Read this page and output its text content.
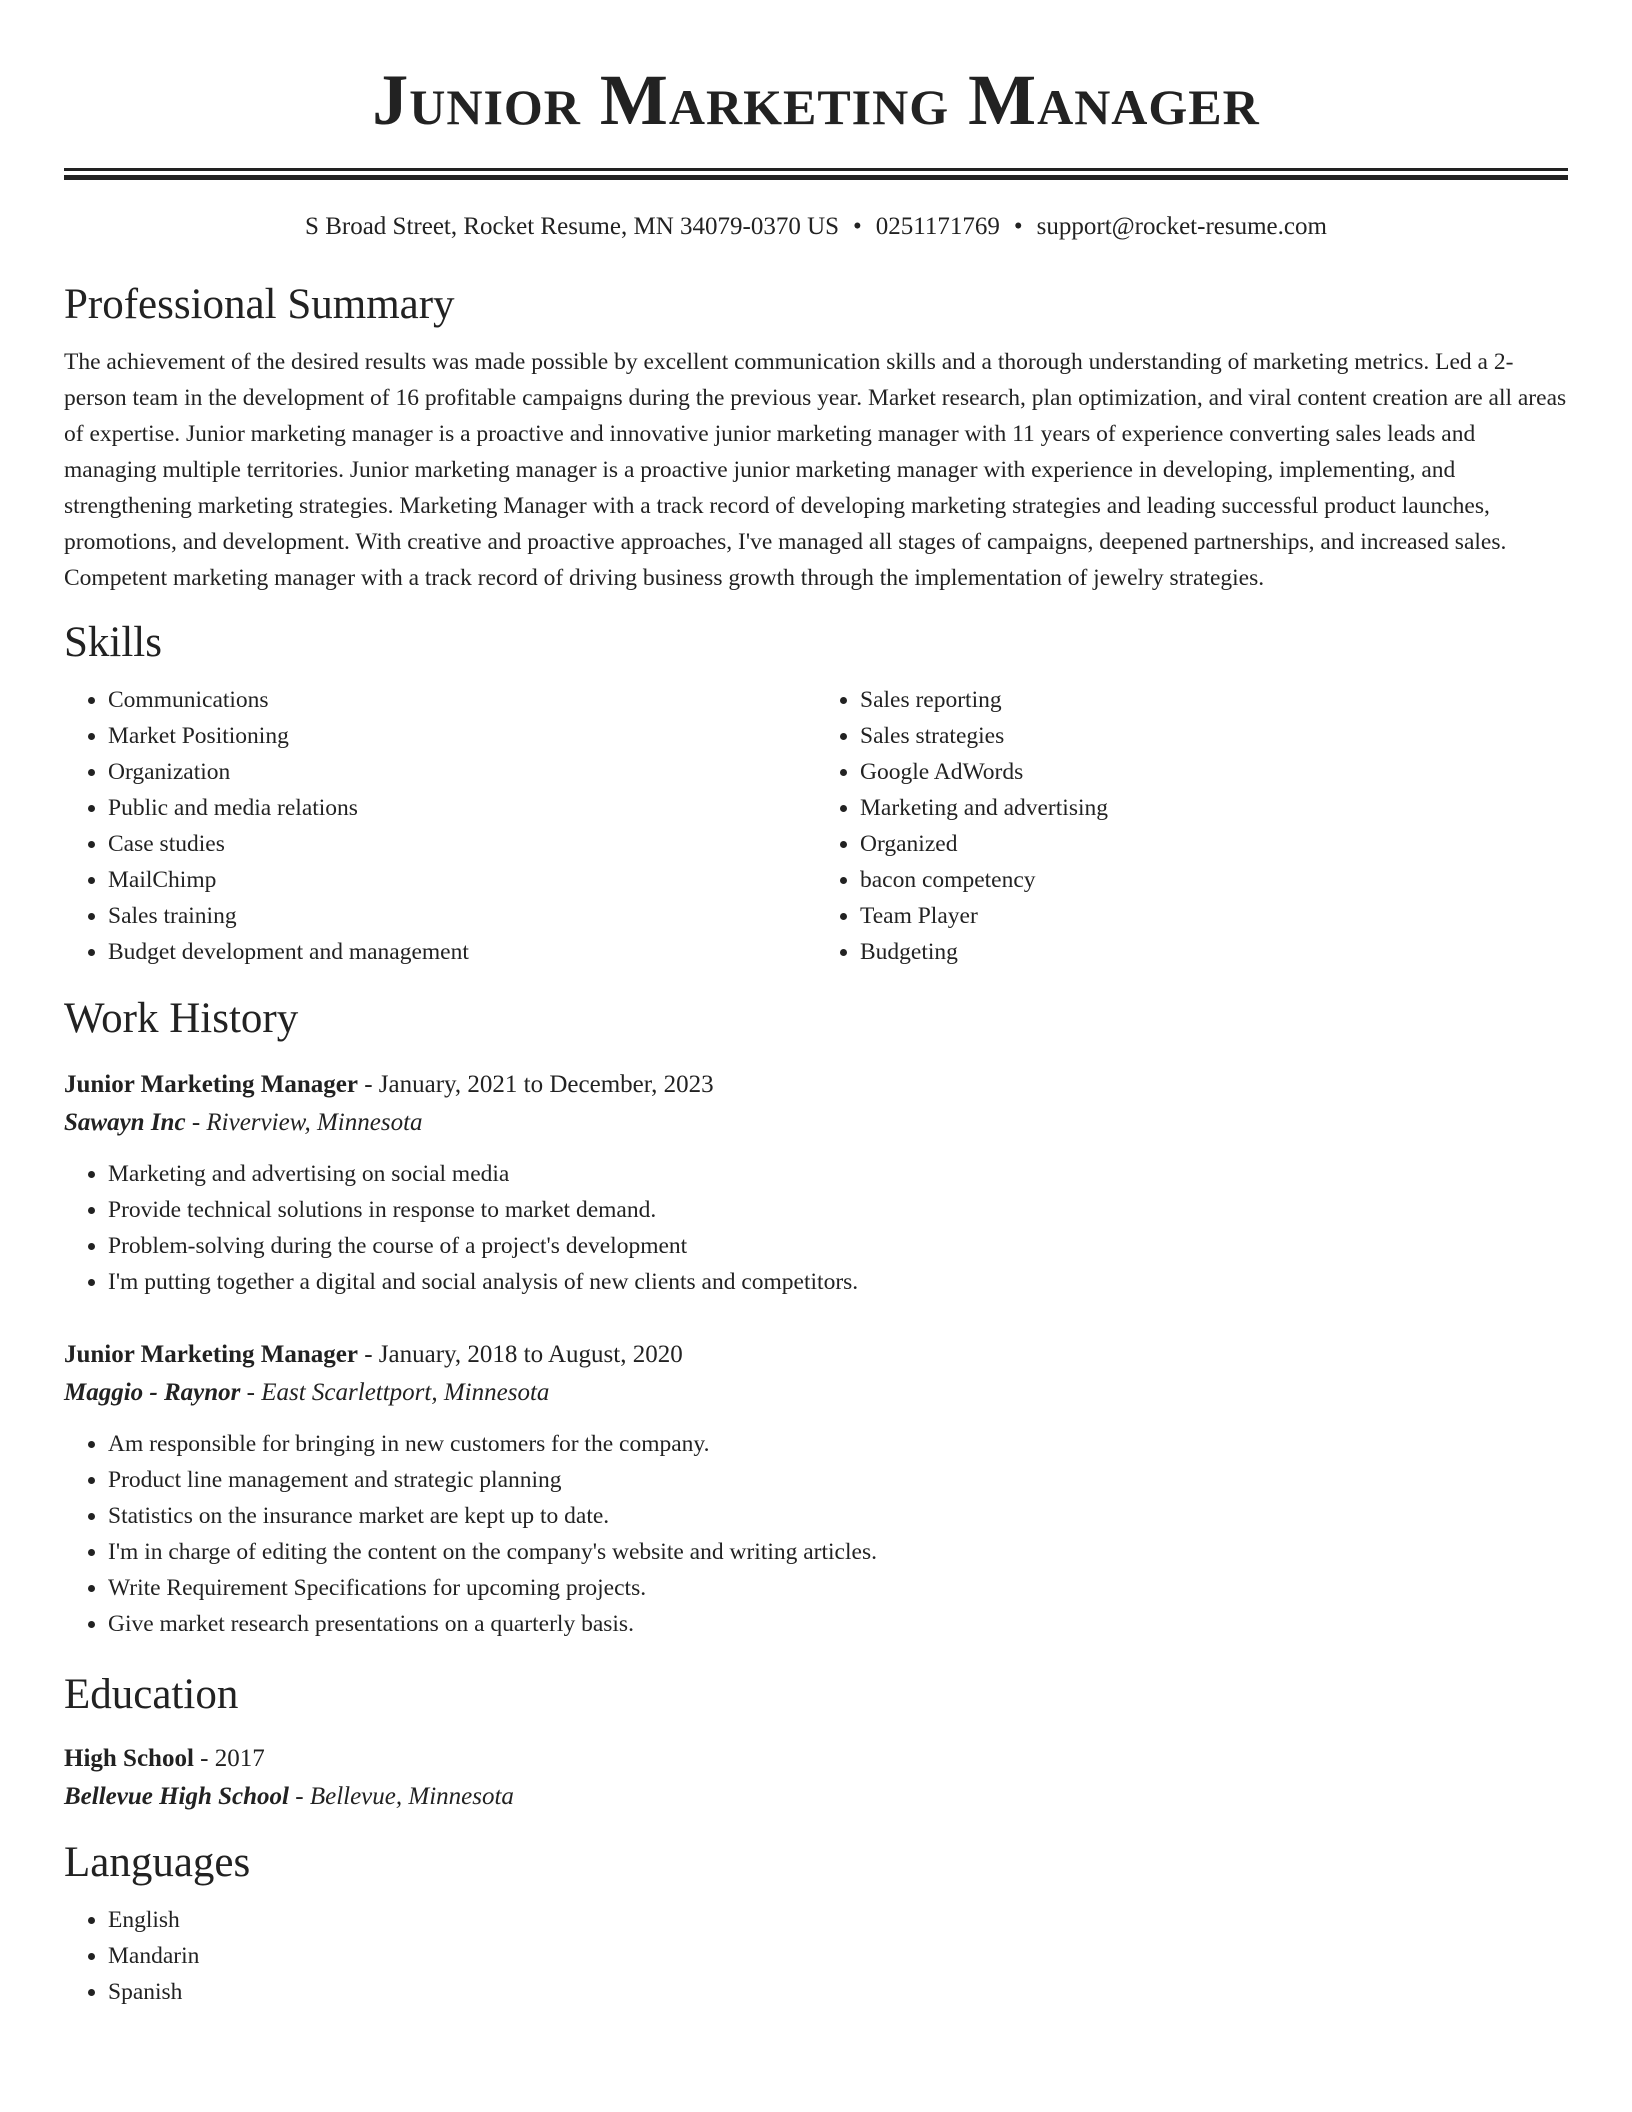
Junior Marketing Manager
S Broad Street, Rocket Resume, MN 34079-0370 US • 0251171769 • support@rocket-resume.com
Professional Summary
The achievement of the desired results was made possible by excellent communication skills and a thorough understanding of marketing metrics. Led a 2-person team in the development of 16 profitable campaigns during the previous year. Market research, plan optimization, and viral content creation are all areas of expertise. Junior marketing manager is a proactive and innovative junior marketing manager with 11 years of experience converting sales leads and managing multiple territories. Junior marketing manager is a proactive junior marketing manager with experience in developing, implementing, and strengthening marketing strategies. Marketing Manager with a track record of developing marketing strategies and leading successful product launches, promotions, and development. With creative and proactive approaches, I've managed all stages of campaigns, deepened partnerships, and increased sales. Competent marketing manager with a track record of driving business growth through the implementation of jewelry strategies.
Skills
• Communications
• Market Positioning
• Organization
• Public and media relations
• Case studies
• MailChimp
• Sales training
• Budget development and management
• Sales reporting
• Sales strategies
• Google AdWords
• Marketing and advertising
• Organized
• bacon competency
• Team Player
• Budgeting
Work History
Junior Marketing Manager - January, 2021 to December, 2023
Sawayn Inc - Riverview, Minnesota
• Marketing and advertising on social media
• Provide technical solutions in response to market demand.
• Problem-solving during the course of a project's development
• I'm putting together a digital and social analysis of new clients and competitors.
Junior Marketing Manager - January, 2018 to August, 2020
Maggio - Raynor - East Scarlettport, Minnesota
• Am responsible for bringing in new customers for the company.
• Product line management and strategic planning
• Statistics on the insurance market are kept up to date.
• I'm in charge of editing the content on the company's website and writing articles.
• Write Requirement Specifications for upcoming projects.
• Give market research presentations on a quarterly basis.
Education
High School - 2017
Bellevue High School - Bellevue, Minnesota
Languages
• English
• Mandarin
• Spanish
